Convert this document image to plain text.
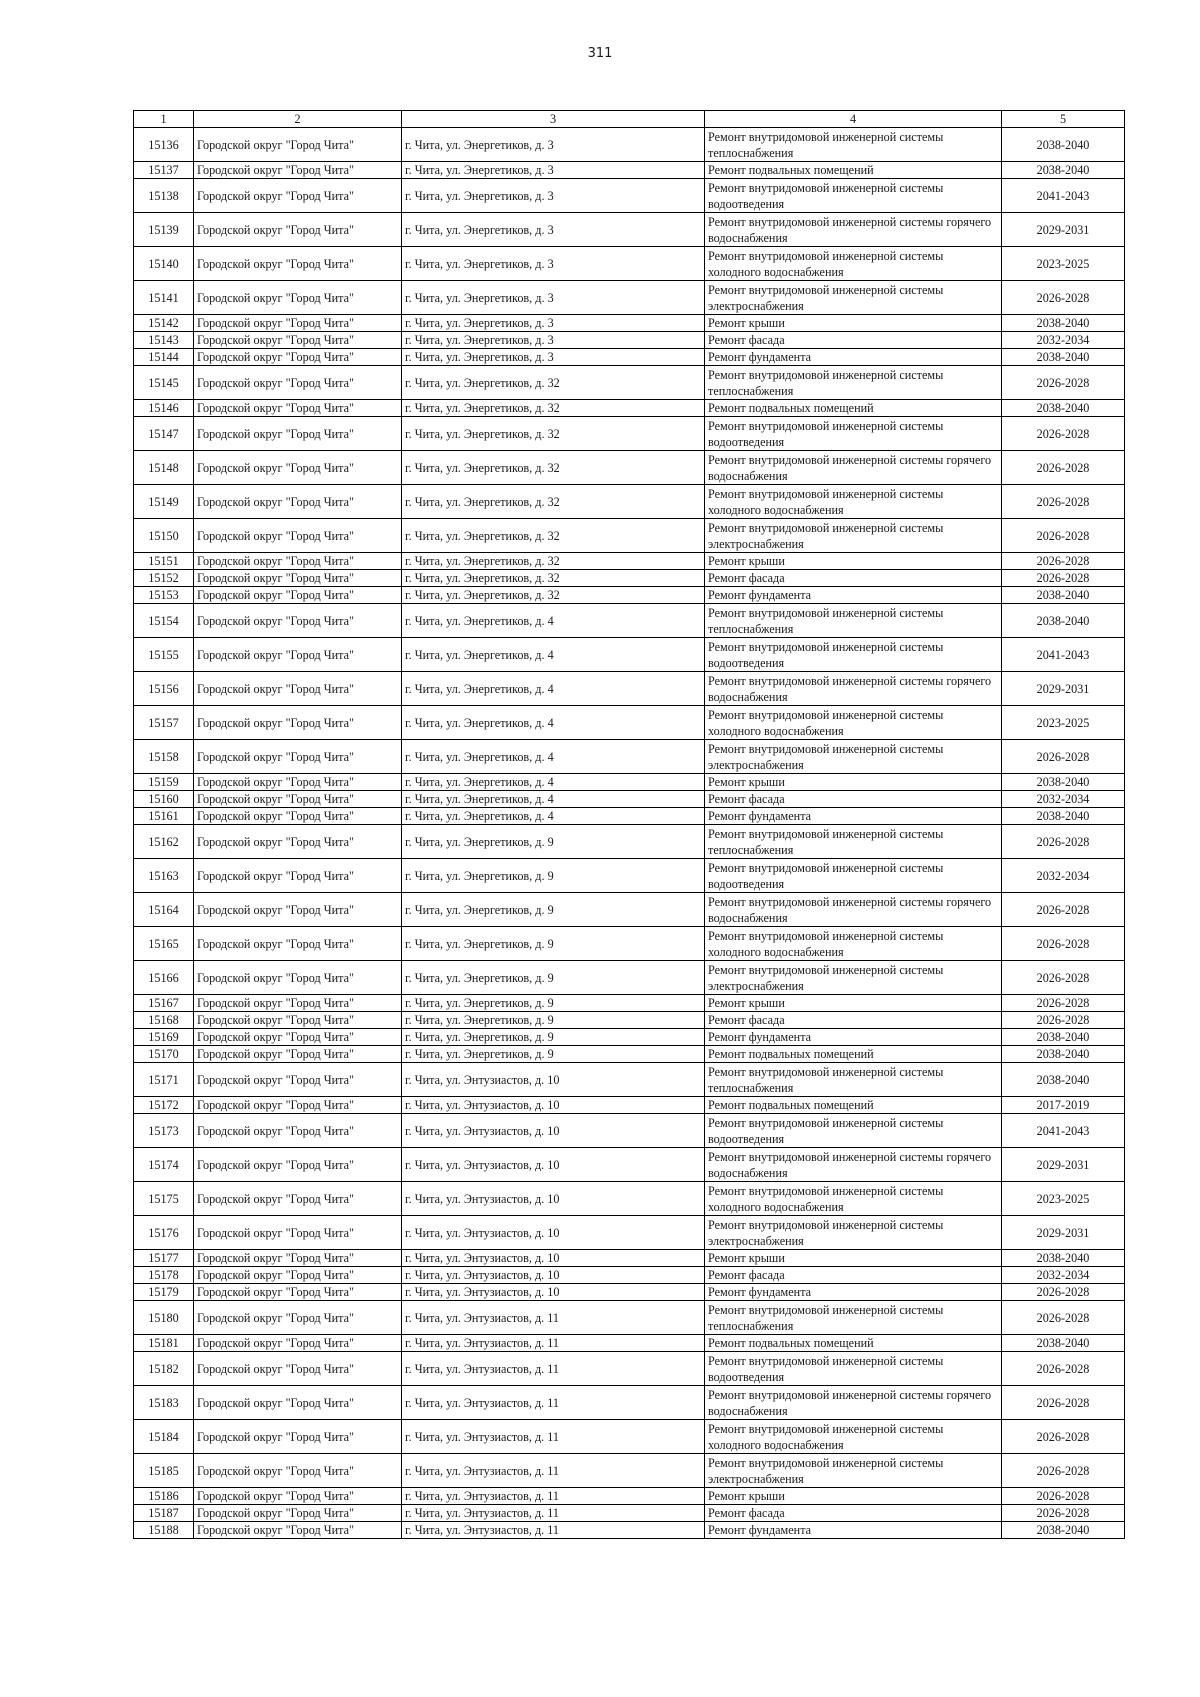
311
1	2	3	4	5
15136	Городской округ "Город Чита"	г. Чита, ул. Энергетиков, д. 3	Ремонт внутридомовой инженерной системы теплоснабжения	2038-2040
15137	Городской округ "Город Чита"	г. Чита, ул. Энергетиков, д. 3	Ремонт подвальных помещений	2038-2040
15138	Городской округ "Город Чита"	г. Чита, ул. Энергетиков, д. 3	Ремонт внутридомовой инженерной системы водоотведения	2041-2043
15139	Городской округ "Город Чита"	г. Чита, ул. Энергетиков, д. 3	Ремонт внутридомовой инженерной системы горячего водоснабжения	2029-2031
15140	Городской округ "Город Чита"	г. Чита, ул. Энергетиков, д. 3	Ремонт внутридомовой инженерной системы холодного водоснабжения	2023-2025
15141	Городской округ "Город Чита"	г. Чита, ул. Энергетиков, д. 3	Ремонт внутридомовой инженерной системы электроснабжения	2026-2028
15142	Городской округ "Город Чита"	г. Чита, ул. Энергетиков, д. 3	Ремонт крыши	2038-2040
15143	Городской округ "Город Чита"	г. Чита, ул. Энергетиков, д. 3	Ремонт фасада	2032-2034
15144	Городской округ "Город Чита"	г. Чита, ул. Энергетиков, д. 3	Ремонт фундамента	2038-2040
15145	Городской округ "Город Чита"	г. Чита, ул. Энергетиков, д. 32	Ремонт внутридомовой инженерной системы теплоснабжения	2026-2028
15146	Городской округ "Город Чита"	г. Чита, ул. Энергетиков, д. 32	Ремонт подвальных помещений	2038-2040
15147	Городской округ "Город Чита"	г. Чита, ул. Энергетиков, д. 32	Ремонт внутридомовой инженерной системы водоотведения	2026-2028
15148	Городской округ "Город Чита"	г. Чита, ул. Энергетиков, д. 32	Ремонт внутридомовой инженерной системы горячего водоснабжения	2026-2028
15149	Городской округ "Город Чита"	г. Чита, ул. Энергетиков, д. 32	Ремонт внутридомовой инженерной системы холодного водоснабжения	2026-2028
15150	Городской округ "Город Чита"	г. Чита, ул. Энергетиков, д. 32	Ремонт внутридомовой инженерной системы электроснабжения	2026-2028
15151	Городской округ "Город Чита"	г. Чита, ул. Энергетиков, д. 32	Ремонт крыши	2026-2028
15152	Городской округ "Город Чита"	г. Чита, ул. Энергетиков, д. 32	Ремонт фасада	2026-2028
15153	Городской округ "Город Чита"	г. Чита, ул. Энергетиков, д. 32	Ремонт фундамента	2038-2040
15154	Городской округ "Город Чита"	г. Чита, ул. Энергетиков, д. 4	Ремонт внутридомовой инженерной системы теплоснабжения	2038-2040
15155	Городской округ "Город Чита"	г. Чита, ул. Энергетиков, д. 4	Ремонт внутридомовой инженерной системы водоотведения	2041-2043
15156	Городской округ "Город Чита"	г. Чита, ул. Энергетиков, д. 4	Ремонт внутридомовой инженерной системы горячего водоснабжения	2029-2031
15157	Городской округ "Город Чита"	г. Чита, ул. Энергетиков, д. 4	Ремонт внутридомовой инженерной системы холодного водоснабжения	2023-2025
15158	Городской округ "Город Чита"	г. Чита, ул. Энергетиков, д. 4	Ремонт внутридомовой инженерной системы электроснабжения	2026-2028
15159	Городской округ "Город Чита"	г. Чита, ул. Энергетиков, д. 4	Ремонт крыши	2038-2040
15160	Городской округ "Город Чита"	г. Чита, ул. Энергетиков, д. 4	Ремонт фасада	2032-2034
15161	Городской округ "Город Чита"	г. Чита, ул. Энергетиков, д. 4	Ремонт фундамента	2038-2040
15162	Городской округ "Город Чита"	г. Чита, ул. Энергетиков, д. 9	Ремонт внутридомовой инженерной системы теплоснабжения	2026-2028
15163	Городской округ "Город Чита"	г. Чита, ул. Энергетиков, д. 9	Ремонт внутридомовой инженерной системы водоотведения	2032-2034
15164	Городской округ "Город Чита"	г. Чита, ул. Энергетиков, д. 9	Ремонт внутридомовой инженерной системы горячего водоснабжения	2026-2028
15165	Городской округ "Город Чита"	г. Чита, ул. Энергетиков, д. 9	Ремонт внутридомовой инженерной системы холодного водоснабжения	2026-2028
15166	Городской округ "Город Чита"	г. Чита, ул. Энергетиков, д. 9	Ремонт внутридомовой инженерной системы электроснабжения	2026-2028
15167	Городской округ "Город Чита"	г. Чита, ул. Энергетиков, д. 9	Ремонт крыши	2026-2028
15168	Городской округ "Город Чита"	г. Чита, ул. Энергетиков, д. 9	Ремонт фасада	2026-2028
15169	Городской округ "Город Чита"	г. Чита, ул. Энергетиков, д. 9	Ремонт фундамента	2038-2040
15170	Городской округ "Город Чита"	г. Чита, ул. Энергетиков, д. 9	Ремонт подвальных помещений	2038-2040
15171	Городской округ "Город Чита"	г. Чита, ул. Энтузиастов, д. 10	Ремонт внутридомовой инженерной системы теплоснабжения	2038-2040
15172	Городской округ "Город Чита"	г. Чита, ул. Энтузиастов, д. 10	Ремонт подвальных помещений	2017-2019
15173	Городской округ "Город Чита"	г. Чита, ул. Энтузиастов, д. 10	Ремонт внутридомовой инженерной системы водоотведения	2041-2043
15174	Городской округ "Город Чита"	г. Чита, ул. Энтузиастов, д. 10	Ремонт внутридомовой инженерной системы горячего водоснабжения	2029-2031
15175	Городской округ "Город Чита"	г. Чита, ул. Энтузиастов, д. 10	Ремонт внутридомовой инженерной системы холодного водоснабжения	2023-2025
15176	Городской округ "Город Чита"	г. Чита, ул. Энтузиастов, д. 10	Ремонт внутридомовой инженерной системы электроснабжения	2029-2031
15177	Городской округ "Город Чита"	г. Чита, ул. Энтузиастов, д. 10	Ремонт крыши	2038-2040
15178	Городской округ "Город Чита"	г. Чита, ул. Энтузиастов, д. 10	Ремонт фасада	2032-2034
15179	Городской округ "Город Чита"	г. Чита, ул. Энтузиастов, д. 10	Ремонт фундамента	2026-2028
15180	Городской округ "Город Чита"	г. Чита, ул. Энтузиастов, д. 11	Ремонт внутридомовой инженерной системы теплоснабжения	2026-2028
15181	Городской округ "Город Чита"	г. Чита, ул. Энтузиастов, д. 11	Ремонт подвальных помещений	2038-2040
15182	Городской округ "Город Чита"	г. Чита, ул. Энтузиастов, д. 11	Ремонт внутридомовой инженерной системы водоотведения	2026-2028
15183	Городской округ "Город Чита"	г. Чита, ул. Энтузиастов, д. 11	Ремонт внутридомовой инженерной системы горячего водоснабжения	2026-2028
15184	Городской округ "Город Чита"	г. Чита, ул. Энтузиастов, д. 11	Ремонт внутридомовой инженерной системы холодного водоснабжения	2026-2028
15185	Городской округ "Город Чита"	г. Чита, ул. Энтузиастов, д. 11	Ремонт внутридомовой инженерной системы электроснабжения	2026-2028
15186	Городской округ "Город Чита"	г. Чита, ул. Энтузиастов, д. 11	Ремонт крыши	2026-2028
15187	Городской округ "Город Чита"	г. Чита, ул. Энтузиастов, д. 11	Ремонт фасада	2026-2028
15188	Городской округ "Город Чита"	г. Чита, ул. Энтузиастов, д. 11	Ремонт фундамента	2038-2040
